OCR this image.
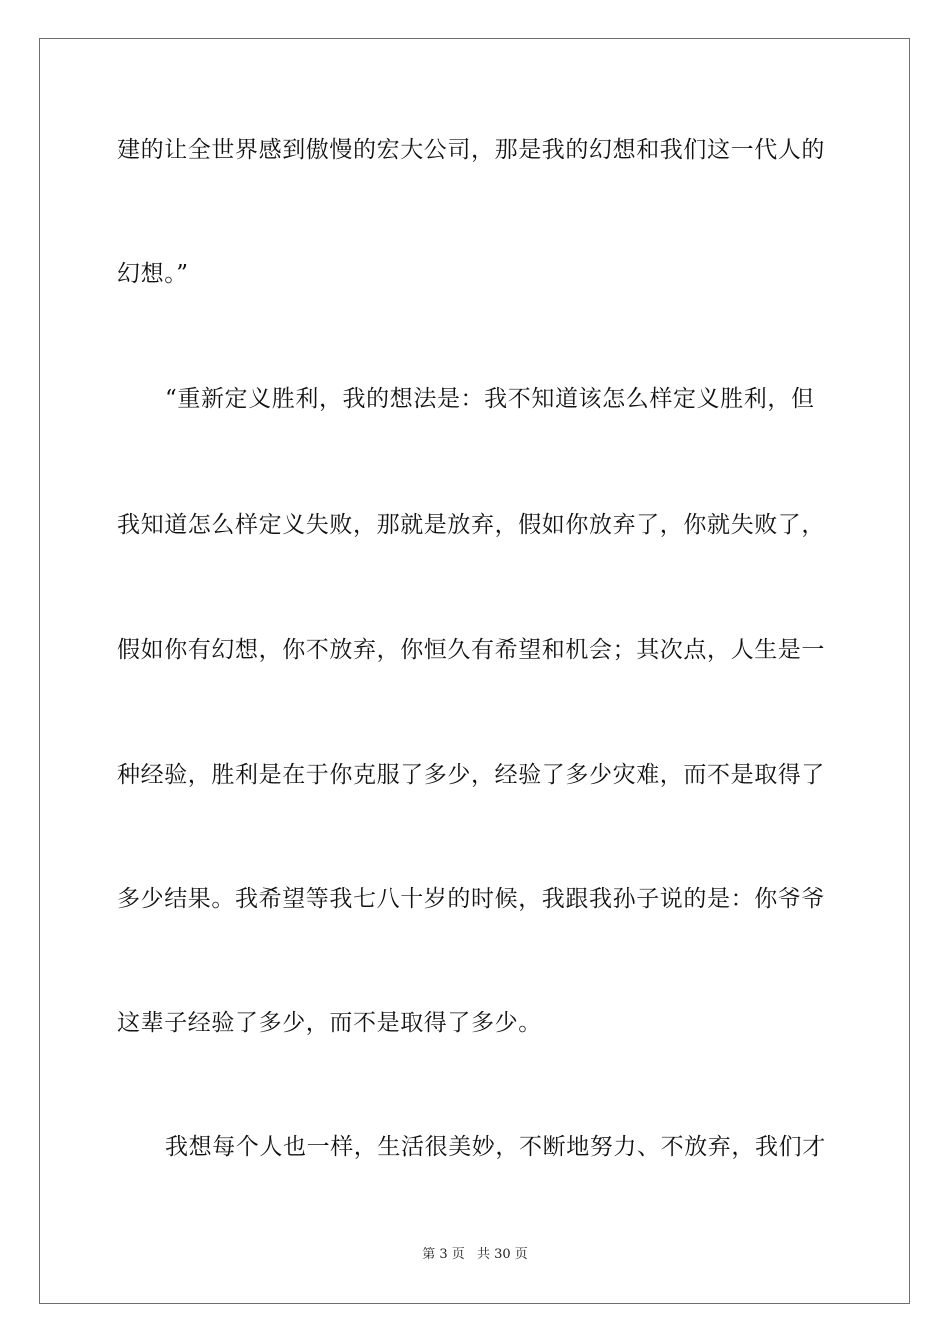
建的让全世界感到傲慢的宏大公司，那是我的幻想和我们这一代人的
幻想。”
“重新定义胜利，我的想法是：我不知道该怎么样定义胜利，但
我知道怎么样定义失败，那就是放弃，假如你放弃了，你就失败了，
假如你有幻想，你不放弃，你恒久有希望和机会；其次点，人生是一
种经验，胜利是在于你克服了多少，经验了多少灾难，而不是取得了
多少结果。我希望等我七八十岁的时候，我跟我孙子说的是：你爷爷
这辈子经验了多少，而不是取得了多少。
我想每个人也一样，生活很美妙，不断地努力、不放弃，我们才
第 3 页 共 30 页
